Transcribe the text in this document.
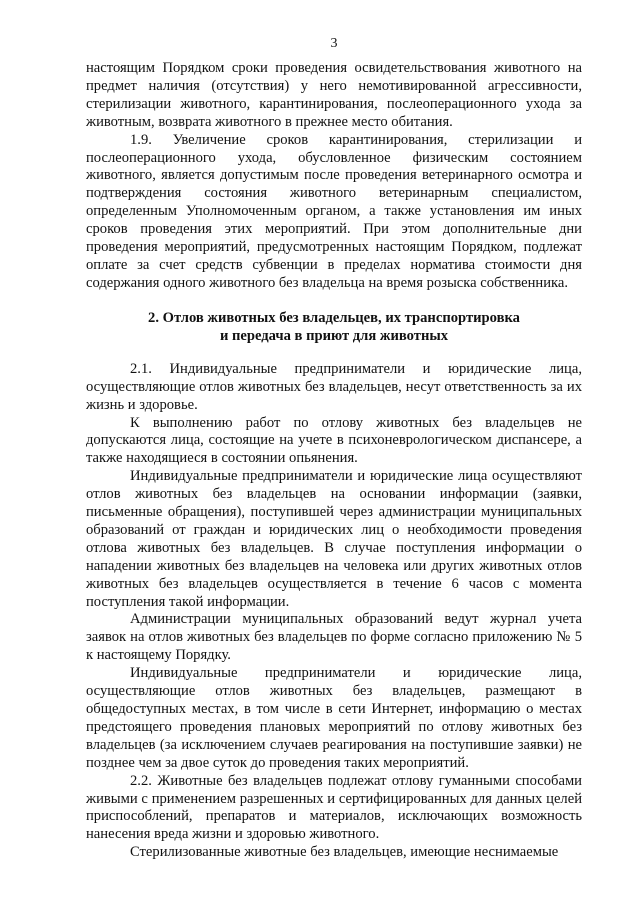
3

настоящим Порядком сроки проведения освидетельствования животного на предмет наличия (отсутствия) у него немотивированной агрессивности, стерилизации животного, карантинирования, послеоперационного ухода за животным, возврата животного в прежнее место обитания.

1.9. Увеличение сроков карантинирования, стерилизации и послеоперационного ухода, обусловленное физическим состоянием животного, является допустимым после проведения ветеринарного осмотра и подтверждения состояния животного ветеринарным специалистом, определенным Уполномоченным органом, а также установления им иных сроков проведения этих мероприятий. При этом дополнительные дни проведения мероприятий, предусмотренных настоящим Порядком, подлежат оплате за счет средств субвенции в пределах норматива стоимости дня содержания одного животного без владельца на время розыска собственника.

2. Отлов животных без владельцев, их транспортировка
и передача в приют для животных

2.1. Индивидуальные предприниматели и юридические лица, осуществляющие отлов животных без владельцев, несут ответственность за их жизнь и здоровье.

К выполнению работ по отлову животных без владельцев не допускаются лица, состоящие на учете в психоневрологическом диспансере, а также находящиеся в состоянии опьянения.

Индивидуальные предприниматели и юридические лица осуществляют отлов животных без владельцев на основании информации (заявки, письменные обращения), поступившей через администрации муниципальных образований от граждан и юридических лиц о необходимости проведения отлова животных без владельцев. В случае поступления информации о нападении животных без владельцев на человека или других животных отлов животных без владельцев осуществляется в течение 6 часов с момента поступления такой информации.

Администрации муниципальных образований ведут журнал учета заявок на отлов животных без владельцев по форме согласно приложению № 5 к настоящему Порядку.

Индивидуальные предприниматели и юридические лица, осуществляющие отлов животных без владельцев, размещают в общедоступных местах, в том числе в сети Интернет, информацию о местах предстоящего проведения плановых мероприятий по отлову животных без владельцев (за исключением случаев реагирования на поступившие заявки) не позднее чем за двое суток до проведения таких мероприятий.

2.2. Животные без владельцев подлежат отлову гуманными способами живыми с применением разрешенных и сертифицированных для данных целей приспособлений, препаратов и материалов, исключающих возможность нанесения вреда жизни и здоровью животного.

Стерилизованные животные без владельцев, имеющие неснимаемые
